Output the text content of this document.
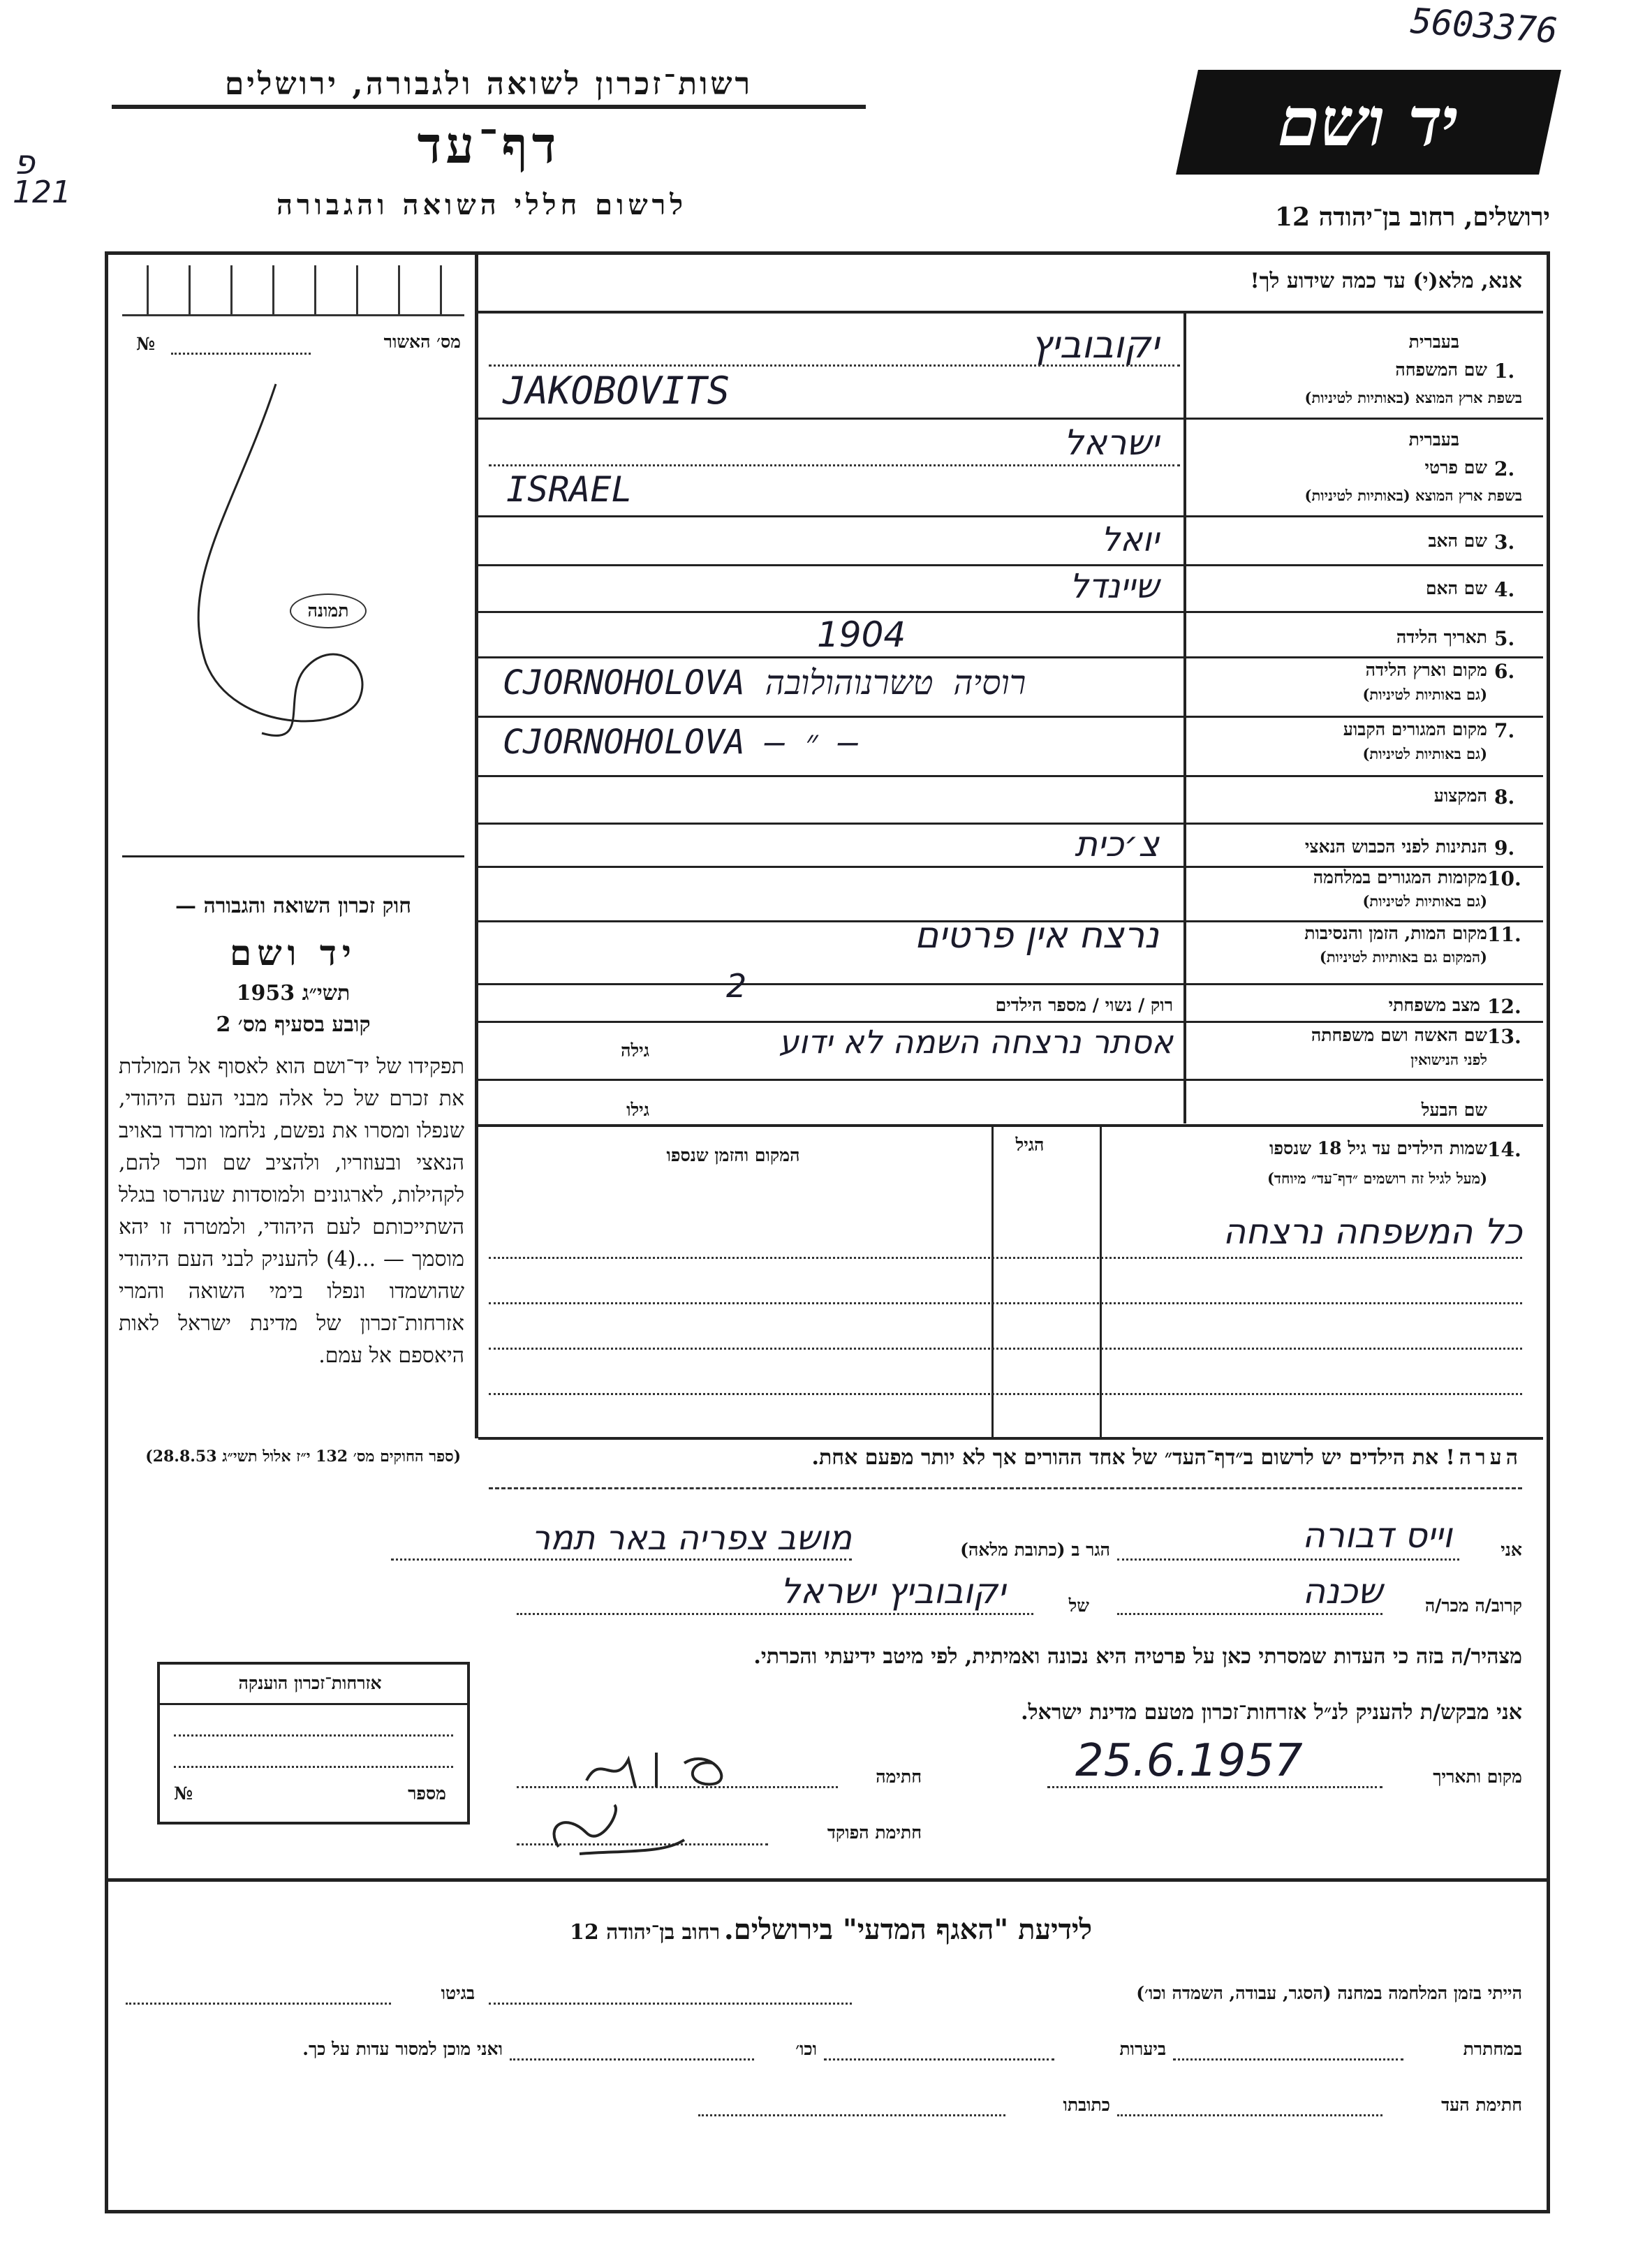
5603376
פ
121
רשות־זכרון לשואה ולגבורה, ירושלים
דף־עד
לרשום חללי השואה והגבורה
יד ושם
ירושלים, רחוב בן־יהודה 12
אנא, מלא(י) עד כמה שידוע לך!
מס׳ האשור
№
תמונה
חוק זכרון השואה והגבורה —
יד ושם
תשי״ג 1953
קובע בסעיף מס׳ 2
תפקידו של יד־ושם הוא לאסוף אל המולדת את זכרם של כל אלה מבני העם היהודי, שנפלו ומסרו את נפשם, נלחמו ומרדו באויב הנאצי ובעוזריו, ולהציב שם וזכר להם, לקהילות, לארגונים ולמוסדות שנהרסו בגלל השתייכותם לעם היהודי, ולמטרה זו יהא מוסמך — ...(4) להעניק לבני העם היהודי שהושמדו ונפלו בימי השואה והמרי אזרחות־זכרון של מדינת ישראל לאות היאספם אל עמם.
(ספר החוקים מס׳ 132 י״ז אלול תשי״ג 28.8.53)
בעברית
1.
שם המשפחה
בשפת ארץ המוצא (באותיות לטיניות)
יקובוביץ
JAKOBOVITS
בעברית
2.
שם פרטי
בשפת ארץ המוצא (באותיות לטיניות)
ישראל
ISRAEL
3.
שם האב
יואל
4.
שם האם
שיינדל
5.
תאריך הלידה
1904
6.
מקום וארץ הלידה
(גם באותיות לטיניות)
CJORNOHOLOVA רוסיה טשרנוהולובה
7.
מקום המגורים הקבוע
(גם באותיות לטיניות)
CJORNOHOLOVA — ״ —
8.
המקצוע
9.
הנתינות לפני הכבוש הנאצי
צ׳כית
10.
מקומות המגורים במלחמה
(גם באותיות לטיניות)
11.
מקום המות, הזמן והנסיבות
(המקום גם באותיות לטיניות)
נרצח אין פרטים
12.
מצב משפחתי
רוק / נשוי / מספר הילדים
2
13.
שם האשה ושם משפחתה
לפני הנישואין
גילה	אסתר נרצחה השמה לא ידוע
שם הבעל
גילו
14.
שמות הילדים עד גיל 18 שנספו
(מעל לגיל זה רושמים ״דף־עד״ מיוחד)
הגיל
המקום והזמן שנספו
כל המשפחה נרצחה
הערה! את הילדים יש לרשום ב״דף־העד״ של אחד ההורים אך לא יותר מפעם אחת.
אני
וייס דבורה
הגר ב (כתובת מלאה)
מושב צפריה באר תמר
קרוב/ה מכר/ה
שכנה
של
יקובוביץ ישראל
מצהיר/ה בזה כי העדות שמסרתי כאן על פרטיה היא נכונה ואמיתית, לפי מיטב ידיעתי והכרתי.
אני מבקש/ת להעניק לנ״ל אזרחות־זכרון מטעם מדינת ישראל.
מקום ותאריך
25.6.1957
חתימה
חתימת הפוקד
אזרחות־זכרון הוענקה
מספר
№
לידיעת "האגף המדעי" בירושלים. רחוב בן־יהודה 12
הייתי בזמן המלחמה במחנה (הסגר, עבודה, השמדה וכו׳)
בגיטו
במחתרת
ביערות
וכו׳
ואני מוכן למסור עדות על כך.
חתימת העד
כתובתו
